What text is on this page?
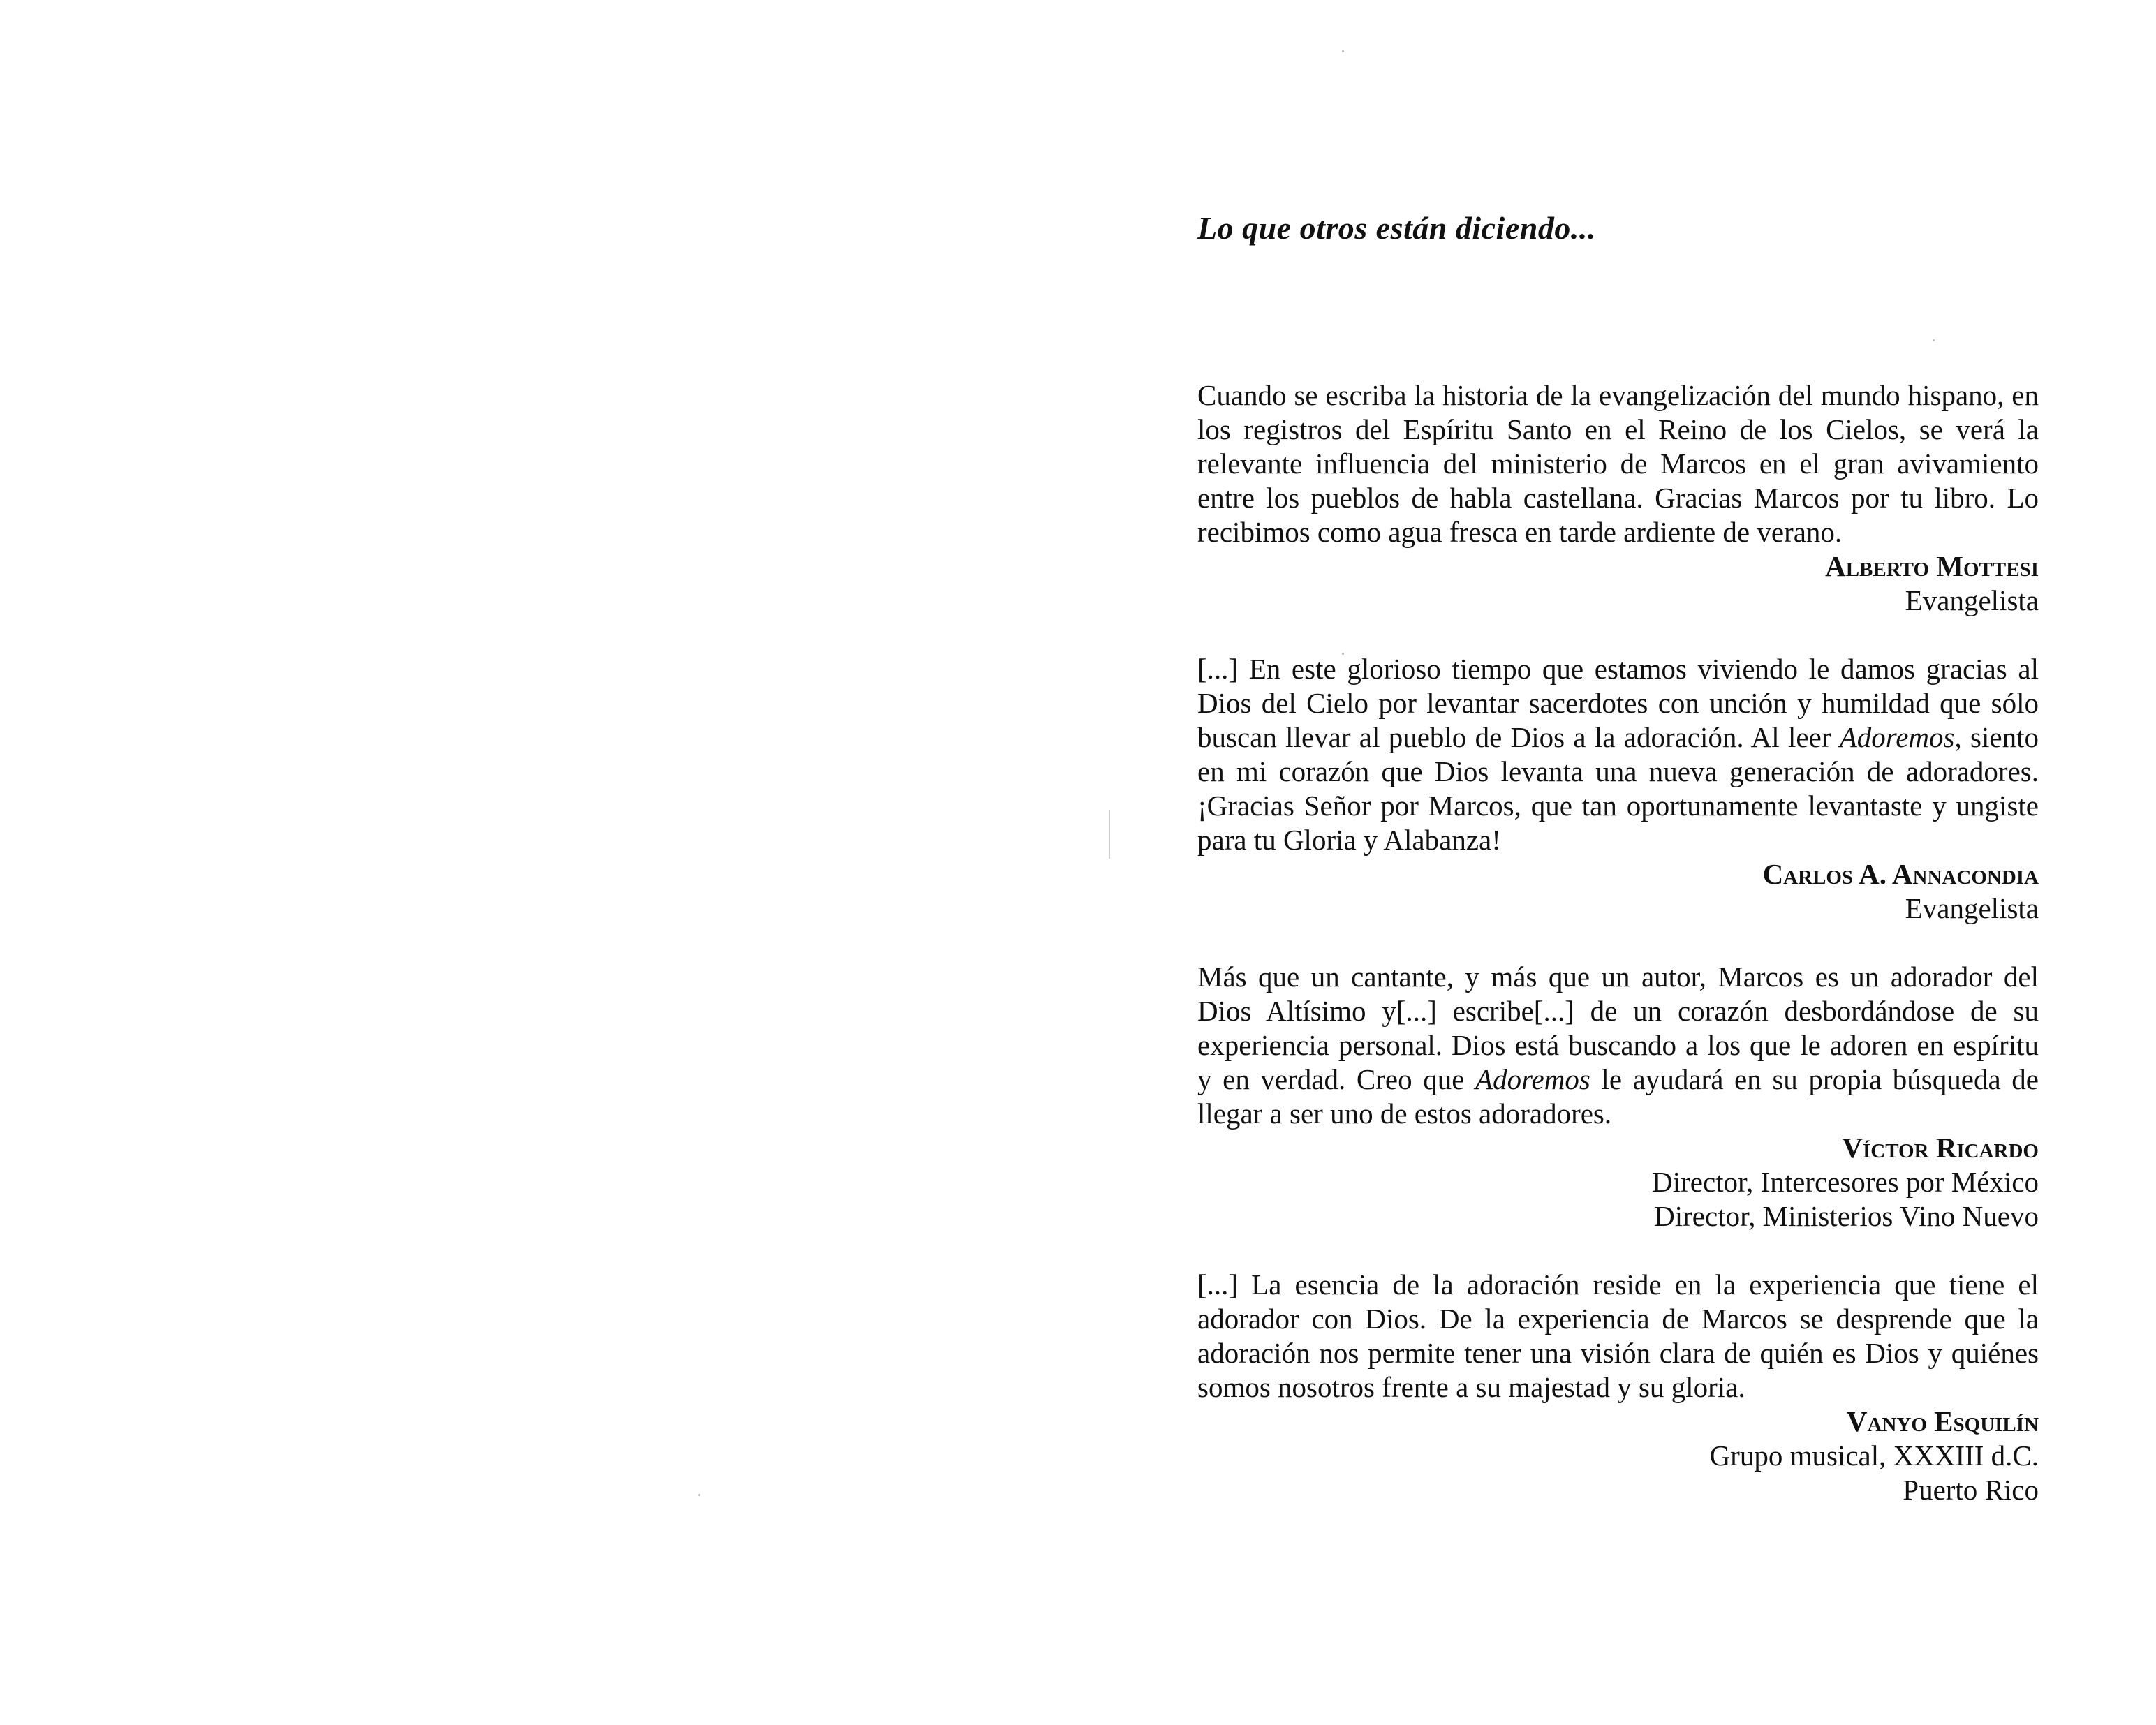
Lo que otros están diciendo...

Cuando se escriba la historia de la evangelización del mundo hispano, en los registros del Espíritu Santo en el Reino de los Cielos, se verá la relevante influencia del ministerio de Marcos en el gran avivamiento entre los pueblos de habla castellana. Gracias Marcos por tu libro. Lo recibimos como agua fresca en tarde ardiente de verano.

Alberto Mottesi
Evangelista

[...] En este glorioso tiempo que estamos viviendo le damos gracias al Dios del Cielo por levantar sacerdotes con unción y humildad que sólo buscan llevar al pueblo de Dios a la adoración. Al leer Adoremos, siento en mi corazón que Dios levanta una nueva generación de adoradores. ¡Gracias Señor por Marcos, que tan oportunamente levantaste y ungiste para tu Gloria y Alabanza!

Carlos A. Annacondia
Evangelista

Más que un cantante, y más que un autor, Marcos es un adorador del Dios Altísimo y[...] escribe[...] de un corazón desbordándose de su experiencia personal. Dios está buscando a los que le adoren en espíritu y en verdad. Creo que Adoremos le ayudará en su propia búsqueda de llegar a ser uno de estos adoradores.

Víctor Ricardo
Director, Intercesores por México
Director, Ministerios Vino Nuevo

[...] La esencia de la adoración reside en la experiencia que tiene el adorador con Dios. De la experiencia de Marcos se desprende que la adoración nos permite tener una visión clara de quién es Dios y quiénes somos nosotros frente a su majestad y su gloria.

Vanyo Esquilín
Grupo musical, XXXIII d.C.
Puerto Rico
